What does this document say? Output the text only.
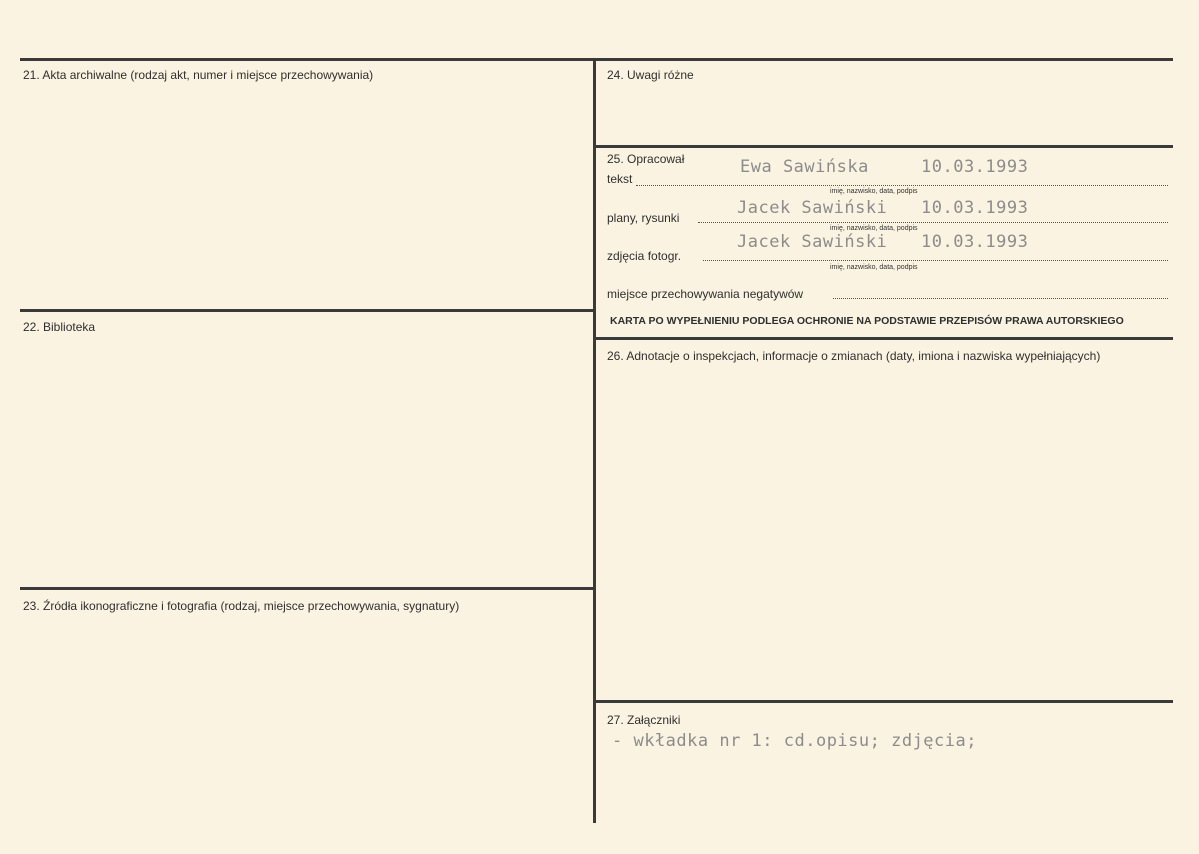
21. Akta archiwalne (rodzaj akt, numer i miejsce przechowywania)
22. Biblioteka
23. Źródła ikonograficzne i fotografia (rodzaj, miejsce przechowywania, sygnatury)
24. Uwagi różne
25. Opracował
tekst
Ewa Sawińska	10.03.1993
imię, nazwisko, data, podpis
plany, rysunki	Jacek Sawiński 10.03.1993
imię, nazwisko, data, podpis
zdjęcia fotogr.
Jacek Sawiński 10.03.1993
imię, nazwisko, data, podpis
miejsce przechowywania negatywów
KARTA PO WYPEŁNIENIU PODLEGA OCHRONIE NA PODSTAWIE PRZEPISÓW PRAWA AUTORSKIEGO
26. Adnotacje o inspekcjach, informacje o zmianach (daty, imiona i nazwiska wypełniających)
27. Załączniki
- wkładka nr 1: cd.opisu; zdjęcia;
